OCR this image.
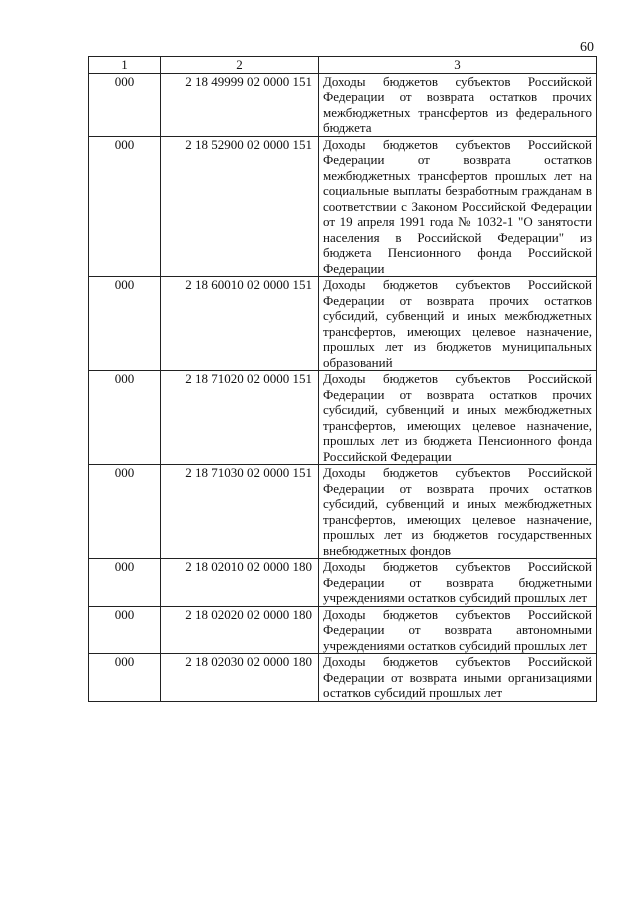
60
1	2	3
000	2 18 49999 02 0000 151	Доходы бюджетов субъектов Российской Федерации от возврата остатков прочих межбюджетных трансфертов из федерального бюджета
000	2 18 52900 02 0000 151	Доходы бюджетов субъектов Российской Федерации от возврата остатков межбюджетных трансфертов прошлых лет на социальные выплаты безработным гражданам в соответствии с Законом Российской Федерации от 19 апреля 1991 года № 1032-1 "О занятости населения в Российской Федерации" из бюджета Пенсионного фонда Российской Федерации
000	2 18 60010 02 0000 151	Доходы бюджетов субъектов Российской Федерации от возврата прочих остатков субсидий, субвенций и иных межбюджетных трансфертов, имеющих целевое назначение, прошлых лет из бюджетов муниципальных образований
000	2 18 71020 02 0000 151	Доходы бюджетов субъектов Российской Федерации от возврата остатков прочих субсидий, субвенций и иных межбюджетных трансфертов, имеющих целевое назначение, прошлых лет из бюджета Пенсионного фонда Российской Федерации
000	2 18 71030 02 0000 151	Доходы бюджетов субъектов Российской Федерации от возврата прочих остатков субсидий, субвенций и иных межбюджетных трансфертов, имеющих целевое назначение, прошлых лет из бюджетов государственных внебюджетных фондов
000	2 18 02010 02 0000 180	Доходы бюджетов субъектов Российской Федерации от возврата бюджетными учреждениями остатков субсидий прошлых лет
000	2 18 02020 02 0000 180	Доходы бюджетов субъектов Российской Федерации от возврата автономными учреждениями остатков субсидий прошлых лет
000	2 18 02030 02 0000 180	Доходы бюджетов субъектов Российской Федерации от возврата иными организациями остатков субсидий прошлых лет
